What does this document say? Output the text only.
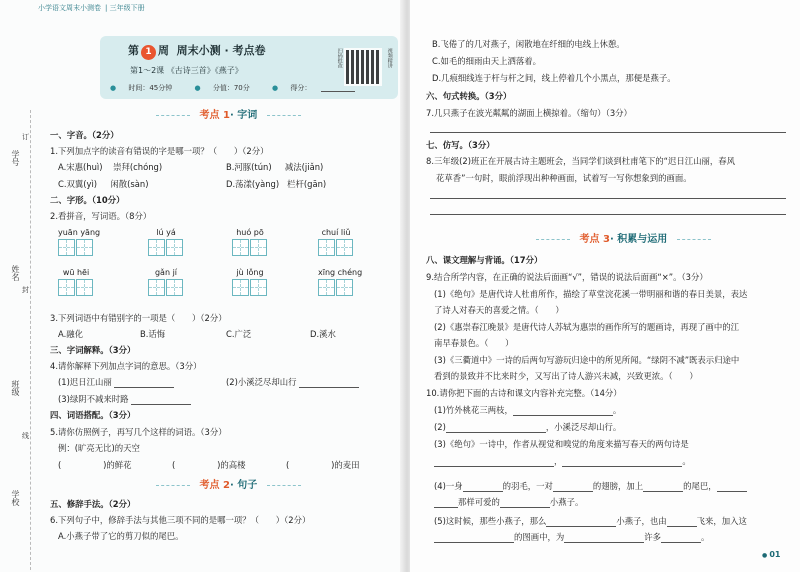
小学语文周末小测卷 | 三年级下册
学号
姓名
班级
学校
订
封
线
第 1 周 周末小测 · 考点卷
第1～2课 《古诗三首》《燕子》
● 时间：45分钟	● 分值：70分	● 得分：
扫码批改	视频精讲
考点 1· 字词
一、字音。（2分）
1.下列加点字的读音有错误的字是哪一项？（　　）（2分）
A.宋惠(huì) 崇拜(chóng)	B.河豚(tún) 减法(jiǎn)
C.双翼(yì) 闲散(sàn)	D.荡漾(yàng) 栏杆(gān)
二、字形。（10分）
2.看拼音，写词语。（8分）
yuān yāng	lú yá	huó pō	chuí liǔ
wū hēi	gǎn jí	jù lǒng	xīng chéng
3.下列词语中有错别字的一项是（　　）（2分）
A.融化	B.话悔	C.广泛	D.溪水
三、字词解释。（3分）
4.请你解释下列加点字词的意思。（3分）
(1)迟日江山丽	(2)小溪泛尽却山行
(3)绿阴不减来时路
四、词语搭配。（3分）
5.请你仿照例子，再写几个这样的词语。（3分）
例：(旷亮无比)的天空
(　　　　　)的鲜花	(　　　　　)的高楼	(　　　　　)的麦田
考点 2· 句子
五、修辞手法。（2分）
6.下列句子中，修辞手法与其他三项不同的是哪一项？（　　）（2分）
A.小燕子带了它的剪刀似的尾巴。
B.飞倦了的几对燕子，闲散地在纤细的电线上休憩。
C.如毛的细雨由天上洒落着。
D.几痕细线连于杆与杆之间，线上停着几个小黑点，那便是燕子。
六、句式转换。（3分）
7.几只燕子在波光粼粼的湖面上横掠着。（缩句）（3分）
七、仿写。（3分）
8.三年级(2)班正在开展古诗主题班会，当同学们谈到杜甫笔下的“迟日江山丽，春风
花草香”一句时，眼前浮现出种种画面，试着写一写你想象到的画面。
考点 3· 积累与运用
八、课文理解与背诵。（17分）
9.结合所学内容，在正确的说法后面画“√”，错误的说法后面画“×”。（3分）
(1)《绝句》是唐代诗人杜甫所作，描绘了草堂浣花溪一带明丽和谐的春日美景，表达
了诗人对春天的喜爱之情。（　　）
(2)《惠崇春江晚景》是唐代诗人苏轼为惠崇的画作所写的题画诗，再现了画中的江
南早春景色。（　　）
(3)《三衢道中》一诗的后两句写游玩归途中的所见所闻。“绿阴不减”既表示归途中
看到的景致并不比来时少，又写出了诗人游兴未减，兴致更浓。（　　）
10.请你把下面的古诗和课文内容补充完整。（14分）
(1)竹外桃花三两枝，	。
(2)	，小溪泛尽却山行。
(3)《绝句》一诗中，作者从视觉和嗅觉的角度来描写春天的两句诗是
，	。
(4)一身	的羽毛，一对	的翅膀，加上	的尾巴，
那样可爱的	小燕子。
(5)这时候，那些小燕子，那么	小燕子，也由	飞来，加入这
的图画中，为	许多	。
● 01
